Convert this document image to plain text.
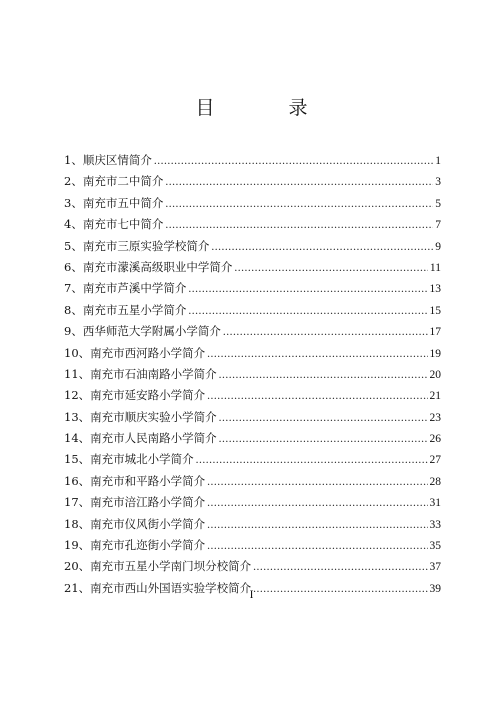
目 录
1、顺庆区情简介 .....	1
2、南充市二中简介 .....	3
3、南充市五中简介 .....	5
4、南充市七中简介 .....	7
5、南充市三原实验学校简介 .....	9
6、南充市濛溪高级职业中学简介 .....	11
7、南充市芦溪中学简介 .....	13
8、南充市五星小学简介 .....	15
9、西华师范大学附属小学简介 .....	17
10、南充市西河路小学简介 .....	19
11、南充市石油南路小学简介 .....	20
12、南充市延安路小学简介 .....	21
13、南充市顺庆实验小学简介 .....	23
14、南充市人民南路小学简介 .....	26
15、南充市城北小学简介 .....	27
16、南充市和平路小学简介 .....	28
17、南充市涪江路小学简介 .....	31
18、南充市仪风街小学简介 .....	33
19、南充市孔迩街小学简介 .....	35
20、南充市五星小学南门坝分校简介 .....	37
21、南充市西山外国语实验学校简介 .....	39
I
